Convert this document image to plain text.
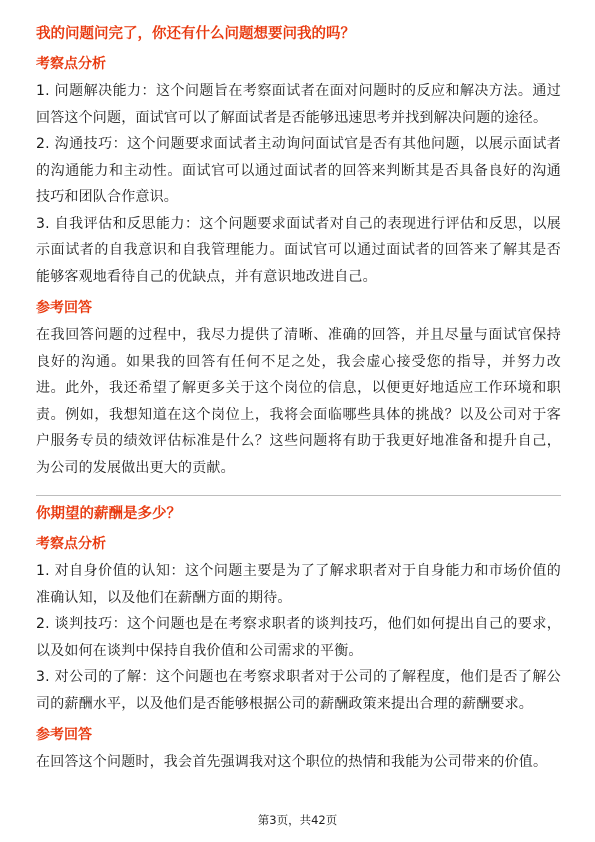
我的问题问完了，你还有什么问题想要问我的吗？
考察点分析

1. 问题解决能力：这个问题旨在考察面试者在面对问题时的反应和解决方法。通过回答这个问题，面试官可以了解面试者是否能够迅速思考并找到解决问题的途径。

2. 沟通技巧：这个问题要求面试者主动询问面试官是否有其他问题，以展示面试者的沟通能力和主动性。面试官可以通过面试者的回答来判断其是否具备良好的沟通技巧和团队合作意识。

3. 自我评估和反思能力：这个问题要求面试者对自己的表现进行评估和反思，以展示面试者的自我意识和自我管理能力。面试官可以通过面试者的回答来了解其是否能够客观地看待自己的优缺点，并有意识地改进自己。

参考回答

在我回答问题的过程中，我尽力提供了清晰、准确的回答，并且尽量与面试官保持良好的沟通。如果我的回答有任何不足之处，我会虚心接受您的指导，并努力改进。此外，我还希望了解更多关于这个岗位的信息，以便更好地适应工作环境和职责。例如，我想知道在这个岗位上，我将会面临哪些具体的挑战？以及公司对于客户服务专员的绩效评估标准是什么？这些问题将有助于我更好地准备和提升自己，为公司的发展做出更大的贡献。

你期望的薪酬是多少？
考察点分析

1. 对自身价值的认知：这个问题主要是为了了解求职者对于自身能力和市场价值的准确认知，以及他们在薪酬方面的期待。

2. 谈判技巧：这个问题也是在考察求职者的谈判技巧，他们如何提出自己的要求，以及如何在谈判中保持自我价值和公司需求的平衡。

3. 对公司的了解：这个问题也在考察求职者对于公司的了解程度，他们是否了解公司的薪酬水平，以及他们是否能够根据公司的薪酬政策来提出合理的薪酬要求。

参考回答

在回答这个问题时，我会首先强调我对这个职位的热情和我能为公司带来的价值。

第3页，共42页
